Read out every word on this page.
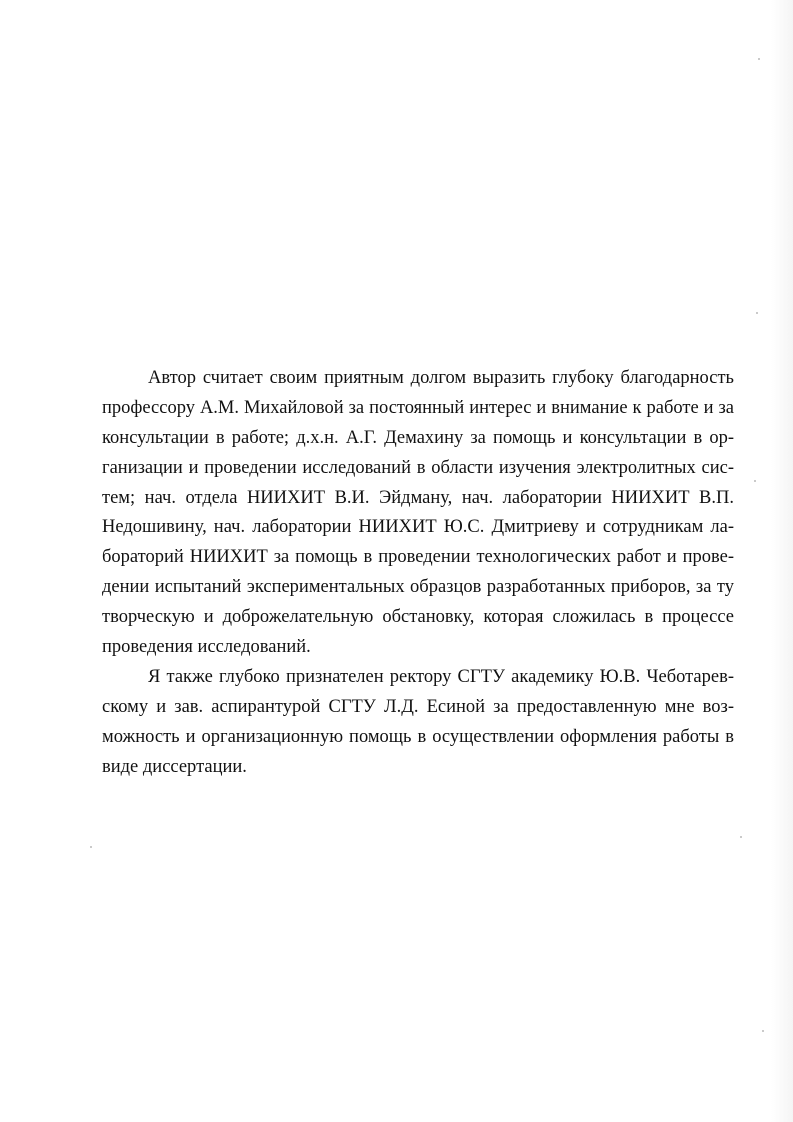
Автор считает своим приятным долгом выразить глубоку благодарность
профессору А.М. Михайловой за постоянный интерес и внимание к работе и за
консультации в работе; д.х.н. А.Г. Демахину за помощь и консультации в ор-
ганизации и проведении исследований в области изучения электролитных сис-
тем; нач. отдела НИИХИТ В.И. Эйдману, нач. лаборатории НИИХИТ В.П.
Недошивину, нач. лаборатории НИИХИТ Ю.С. Дмитриеву и сотрудникам ла-
бораторий НИИХИТ за помощь в проведении технологических работ и прове-
дении испытаний экспериментальных образцов разработанных приборов, за ту
творческую и доброжелательную обстановку, которая сложилась в процессе
проведения исследований.
Я также глубоко признателен ректору СГТУ академику Ю.В. Чеботарев-
скому и зав. аспирантурой СГТУ Л.Д. Есиной за предоставленную мне воз-
можность и организационную помощь в осуществлении оформления работы в
виде диссертации.
